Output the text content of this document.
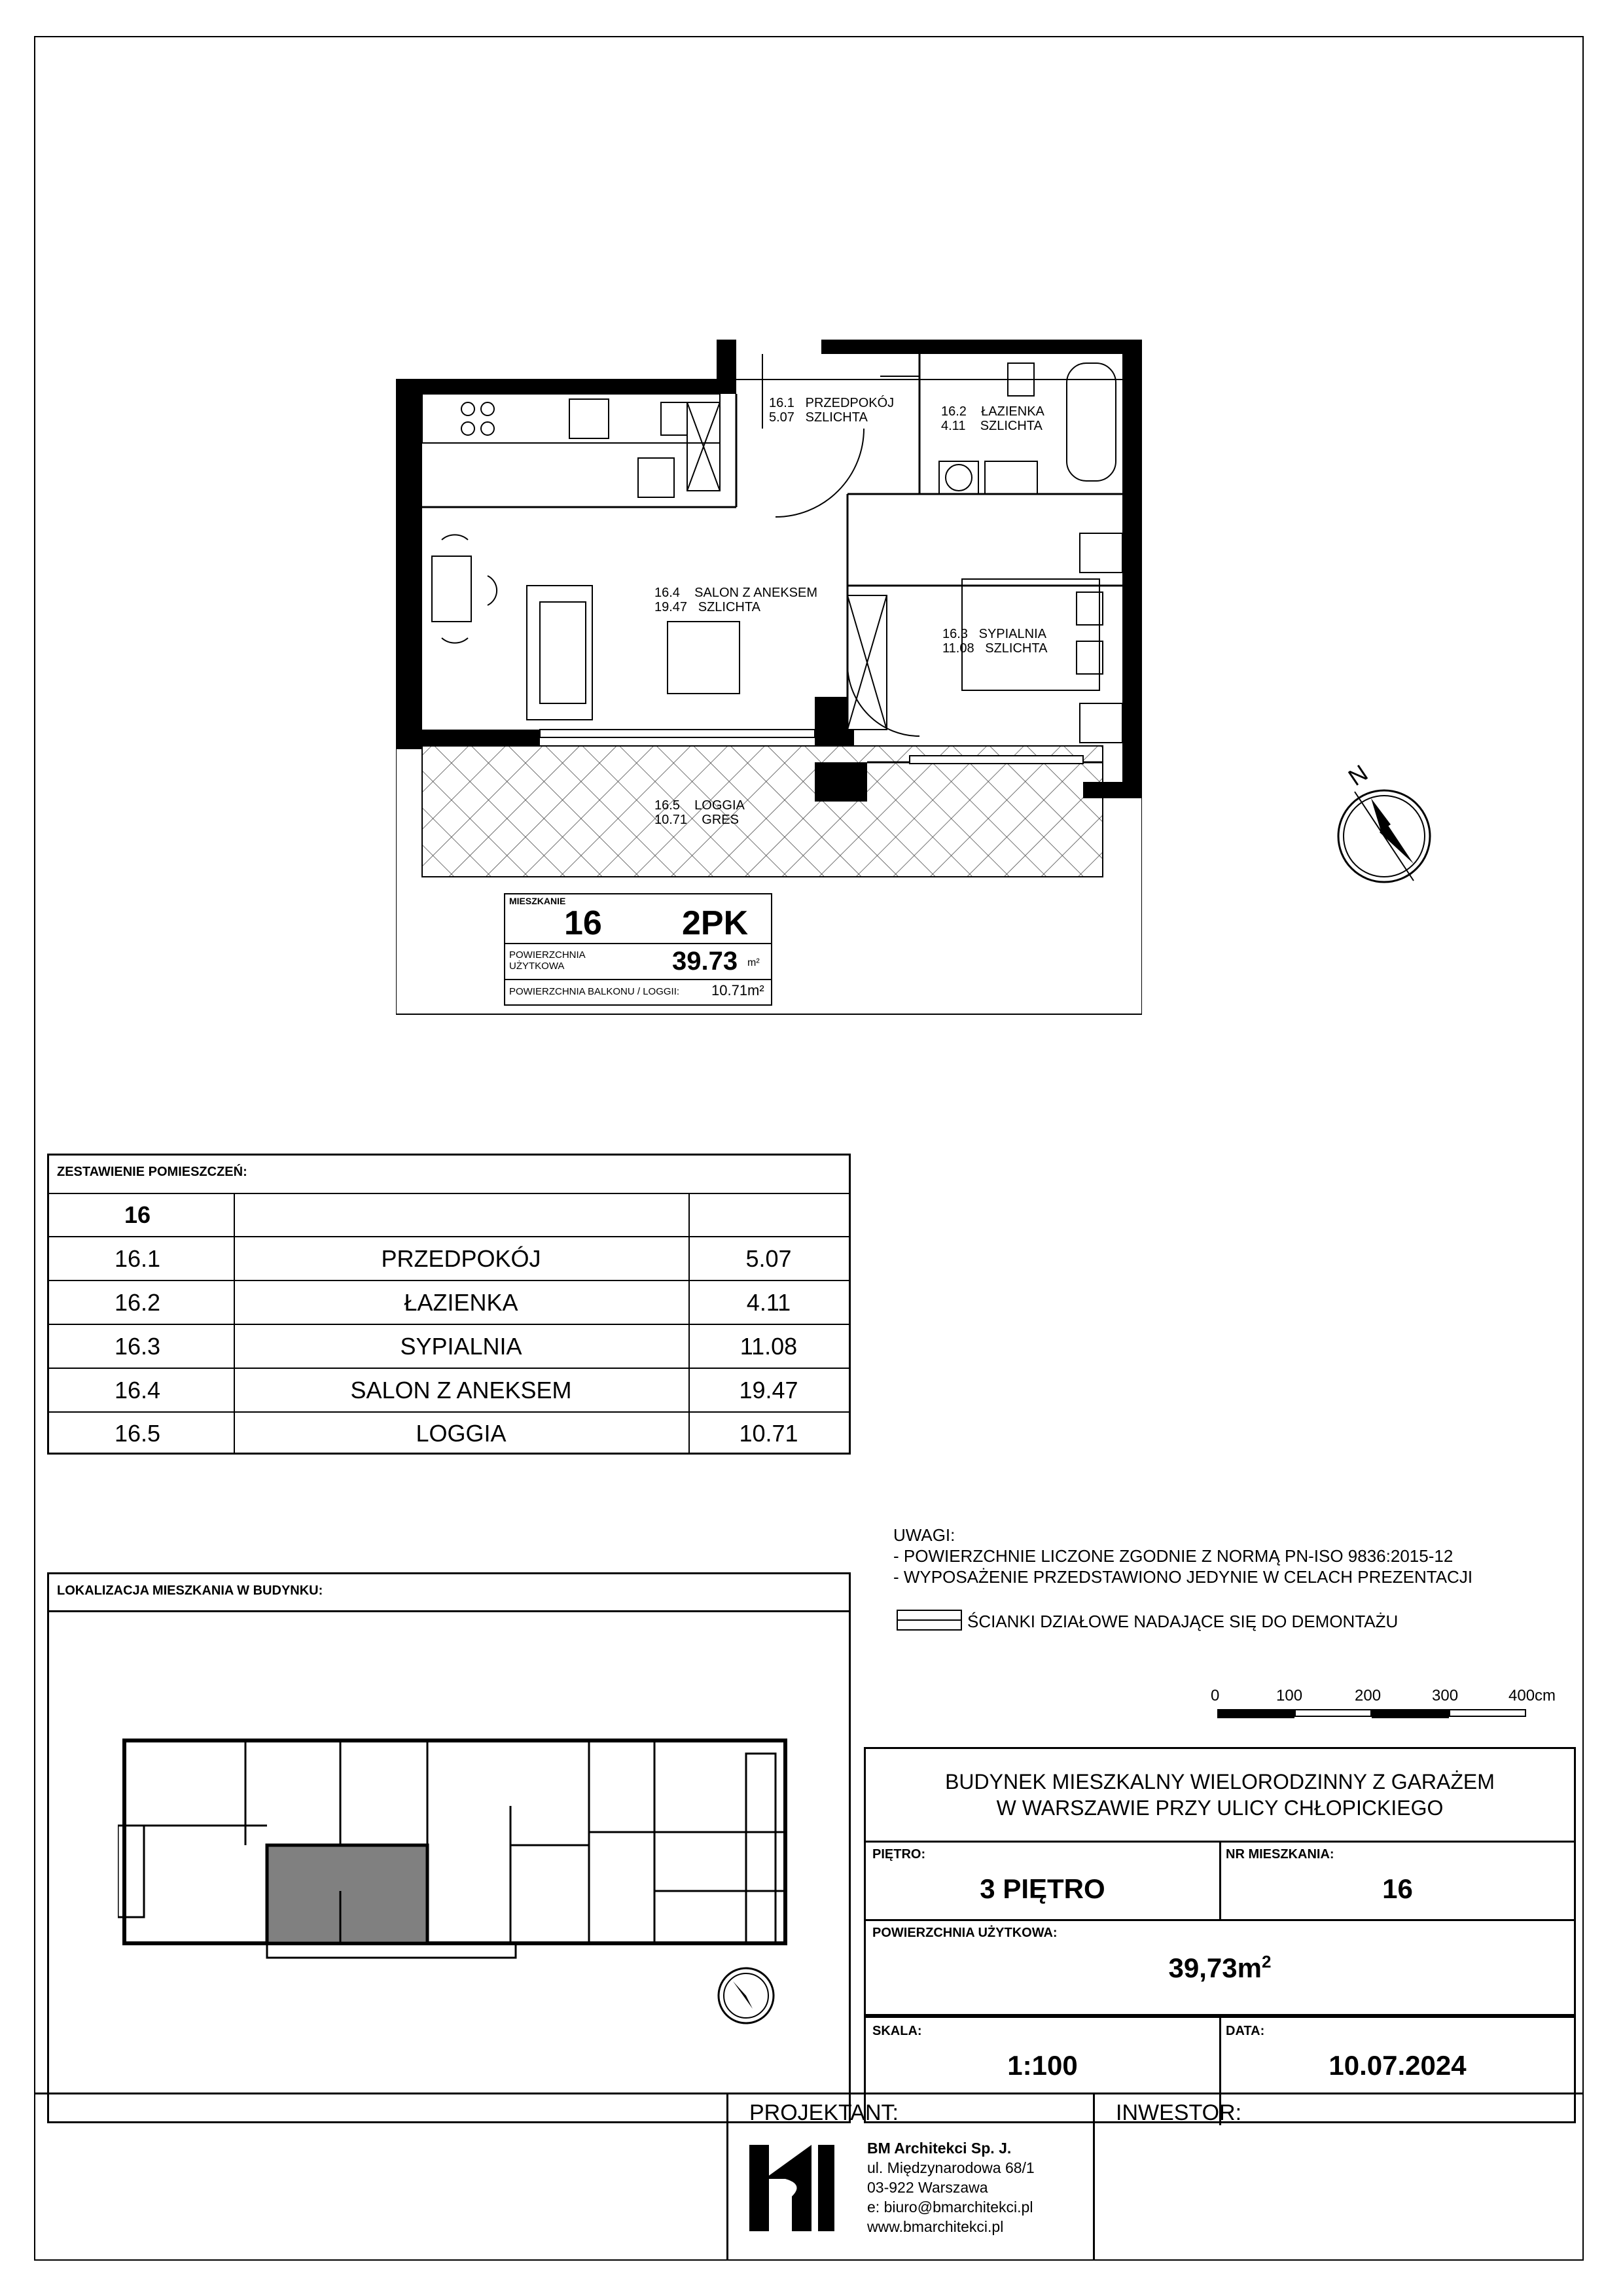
16.1 PRZEDPOKÓJ
5.07 SZLICHTA	16.2 ŁAZIENKA
4.11 SZLICHTA
16.4 SALON Z ANEKSEM
19.47 SZLICHTA
16.3 SYPIALNIA
11.08 SZLICHTA
16.5 LOGGIA
10.71 GRES
N
MIESZKANIE
16 2PK
POWIERZCHNIA UŻYTKOWA	39.73 m²
POWIERZCHNIA BALKONU / LOGGII: 10.71m²
ZESTAWIENIE POMIESZCZEŃ:
16
16.1	PRZEDPOKÓJ	5.07
16.2	ŁAZIENKA	4.11
16.3	SYPIALNIA	11.08
16.4	SALON Z ANEKSEM	19.47
16.5	LOGGIA	10.71
UWAGI:
- POWIERZCHNIE LICZONE ZGODNIE Z NORMĄ PN-ISO 9836:2015-12
- WYPOSAŻENIE PRZEDSTAWIONO JEDYNIE W CELACH PREZENTACJI
ŚCIANKI DZIAŁOWE NADAJĄCE SIĘ DO DEMONTAŻU
0	100	200	300	400cm
LOKALIZACJA MIESZKANIA W BUDYNKU:
BUDYNEK MIESZKALNY WIELORODZINNY Z GARAŻEM
W WARSZAWIE PRZY ULICY CHŁOPICKIEGO
PIĘTRO:
3 PIĘTRO
NR MIESZKANIA:
16
POWIERZCHNIA UŻYTKOWA:
$39,73m^2$
SKALA:
1:100
DATA:
10.07.2024
PROJEKTANT:	INWESTOR:
BM Architekci Sp. J.
ul. Międzynarodowa 68/1
03-922 Warszawa
e: biuro@bmarchitekci.pl
www.bmarchitekci.pl
